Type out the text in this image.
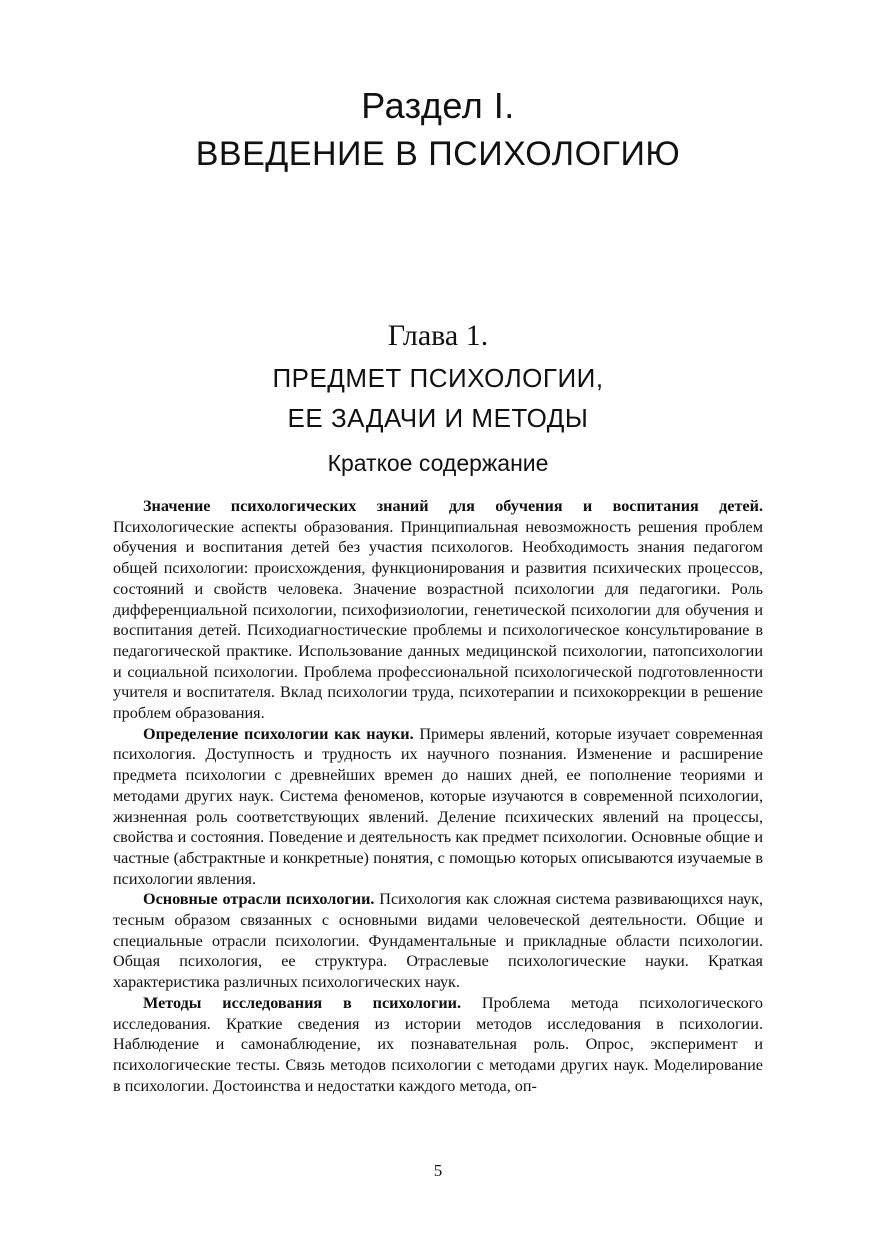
Раздел I.
ВВЕДЕНИЕ В ПСИХОЛОГИЮ
Глава 1.
ПРЕДМЕТ ПСИХОЛОГИИ,
ЕЕ ЗАДАЧИ И МЕТОДЫ
Краткое содержание

Значение психологических знаний для обучения и воспитания детей. Психологические аспекты образования. Принципиальная невозможность решения проблем обучения и воспитания детей без участия психологов. Необходимость знания педагогом общей психологии: происхождения, функционирования и развития психических процессов, состояний и свойств человека. Значение возрастной психологии для педагогики. Роль дифференциальной психологии, психофизиологии, генетической психологии для обучения и воспитания детей. Психодиагностические проблемы и психологическое консультирование в педагогической практике. Использование данных медицинской психологии, патопсихологии и социальной психологии. Проблема профессиональной психологической подготовленности учителя и воспитателя. Вклад психологии труда, психотерапии и психокоррекции в решение проблем образования.

Определение психологии как науки. Примеры явлений, которые изучает современная психология. Доступность и трудность их научного познания. Изменение и расширение предмета психологии с древнейших времен до наших дней, ее пополнение теориями и методами других наук. Система феноменов, которые изучаются в современной психологии, жизненная роль соответствующих явлений. Деление психических явлений на процессы, свойства и состояния. Поведение и деятельность как предмет психологии. Основные общие и частные (абстрактные и конкретные) понятия, с помощью которых описываются изучаемые в психологии явления.

Основные отрасли психологии. Психология как сложная система развивающихся наук, тесным образом связанных с основными видами человеческой деятельности. Общие и специальные отрасли психологии. Фундаментальные и прикладные области психологии. Общая психология, ее структура. Отраслевые психологические науки. Краткая характеристика различных психологических наук.

Методы исследования в психологии. Проблема метода психологического исследования. Краткие сведения из истории методов исследования в психологии. Наблюдение и самонаблюдение, их познавательная роль. Опрос, эксперимент и психологические тесты. Связь методов психологии с методами других наук. Моделирование в психологии. Достоинства и недостатки каждого метода, оп-

5
